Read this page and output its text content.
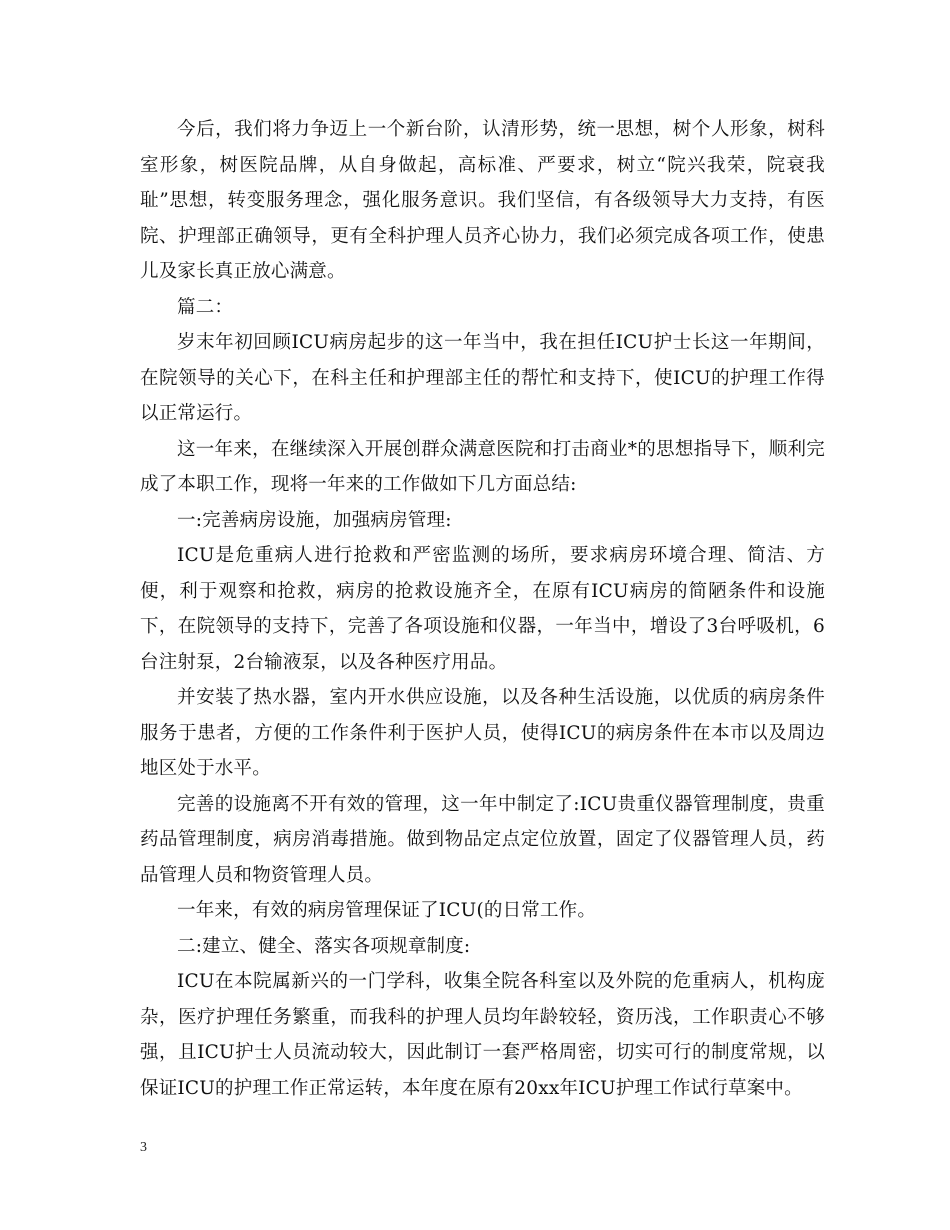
今后，我们将力争迈上一个新台阶，认清形势，统一思想，树个人形象，树科室形象，树医院品牌，从自身做起，高标准、严要求，树立“院兴我荣，院衰我耻”思想，转变服务理念，强化服务意识。我们坚信，有各级领导大力支持，有医院、护理部正确领导，更有全科护理人员齐心协力，我们必须完成各项工作，使患儿及家长真正放心满意。

篇二：

岁末年初回顾ICU病房起步的这一年当中，我在担任ICU护士长这一年期间，在院领导的关心下，在科主任和护理部主任的帮忙和支持下，使ICU的护理工作得以正常运行。

这一年来，在继续深入开展创群众满意医院和打击商业*的思想指导下，顺利完成了本职工作，现将一年来的工作做如下几方面总结:

一:完善病房设施，加强病房管理:

ICU是危重病人进行抢救和严密监测的场所，要求病房环境合理、简洁、方便，利于观察和抢救，病房的抢救设施齐全，在原有ICU病房的简陋条件和设施下，在院领导的支持下，完善了各项设施和仪器，一年当中，增设了3台呼吸机，6台注射泵，2台输液泵，以及各种医疗用品。

并安装了热水器，室内开水供应设施，以及各种生活设施，以优质的病房条件服务于患者，方便的工作条件利于医护人员，使得ICU的病房条件在本市以及周边地区处于水平。

完善的设施离不开有效的管理，这一年中制定了:ICU贵重仪器管理制度，贵重药品管理制度，病房消毒措施。做到物品定点定位放置，固定了仪器管理人员，药品管理人员和物资管理人员。

一年来，有效的病房管理保证了ICU(的日常工作。

二:建立、健全、落实各项规章制度:

ICU在本院属新兴的一门学科，收集全院各科室以及外院的危重病人，机构庞杂，医疗护理任务繁重，而我科的护理人员均年龄较轻，资历浅，工作职责心不够强，且ICU护士人员流动较大，因此制订一套严格周密，切实可行的制度常规，以保证ICU的护理工作正常运转，本年度在原有20xx年ICU护理工作试行草案中。

3
